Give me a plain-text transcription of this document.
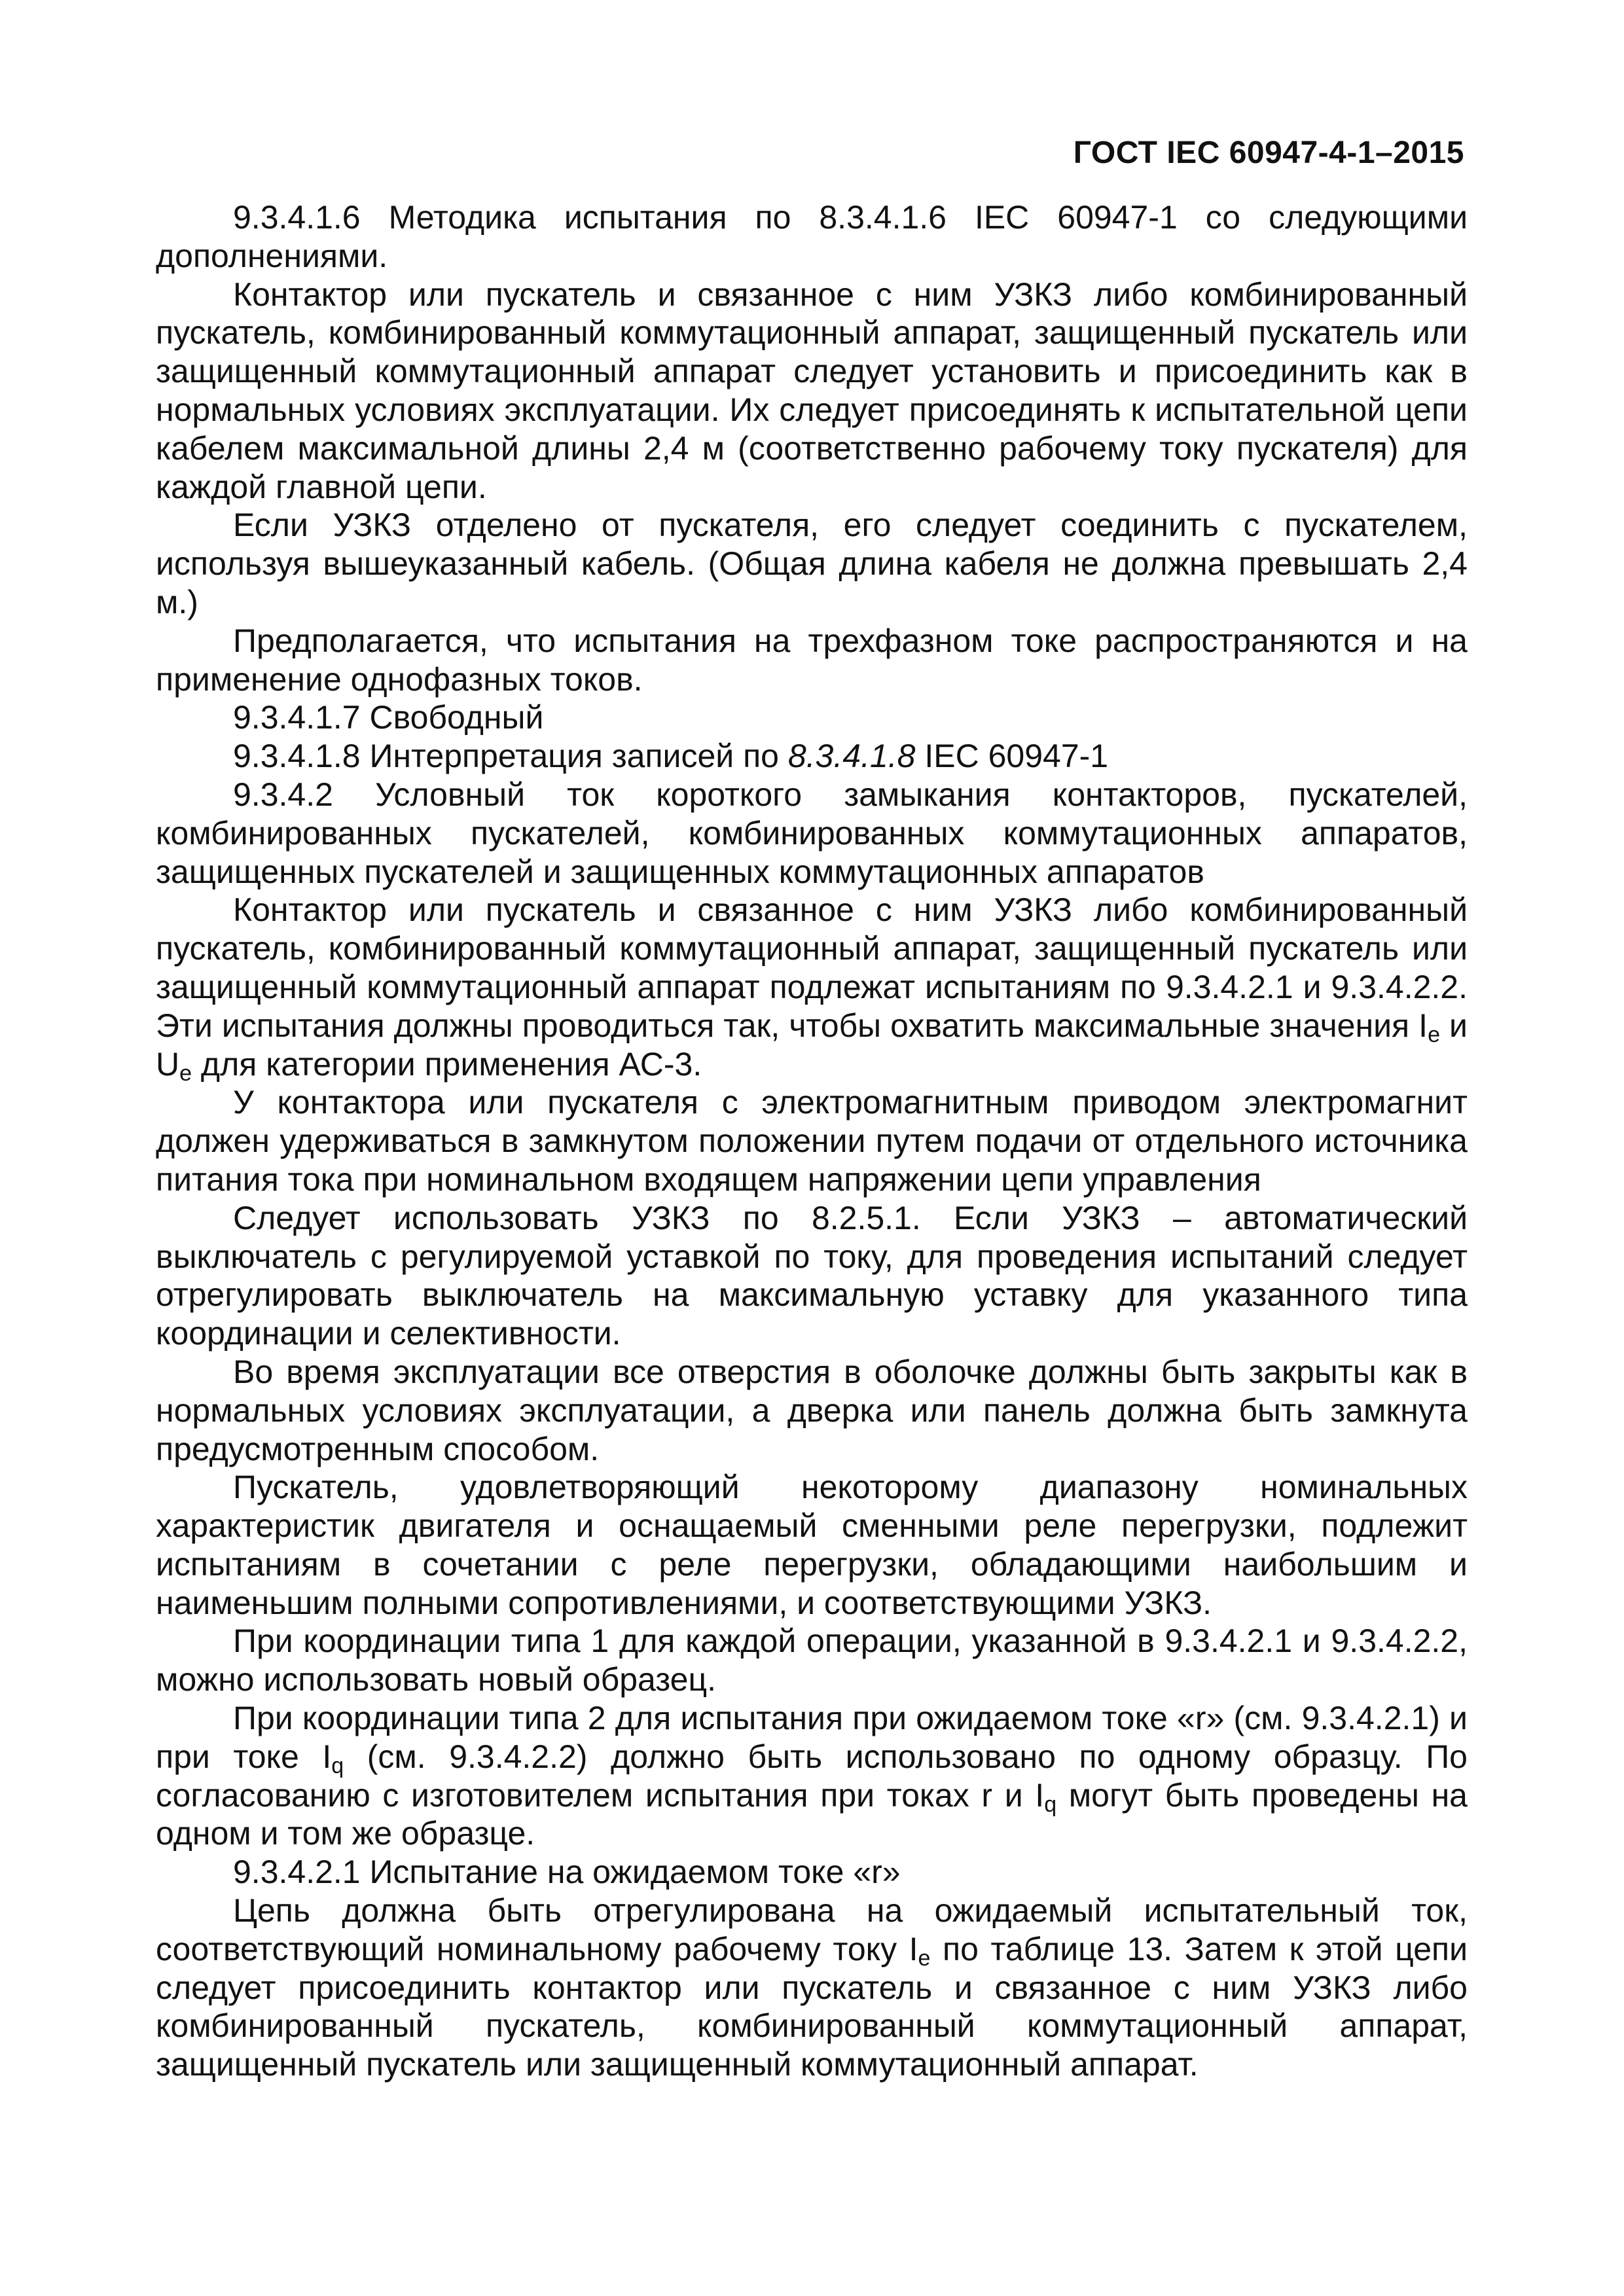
ГОСТ IEC 60947-4-1–2015

9.3.4.1.6 Методика испытания по 8.3.4.1.6 IEC 60947-1 со следующими дополнениями.

Контактор или пускатель и связанное с ним УЗКЗ либо комбинированный пускатель, комбинированный коммутационный аппарат, защищенный пускатель или защищенный коммутационный аппарат следует установить и присоединить как в нормальных условиях эксплуатации. Их следует присоединять к испытательной цепи кабелем максимальной длины 2,4 м (соответственно рабочему току пускателя) для каждой главной цепи.

Если УЗКЗ отделено от пускателя, его следует соединить с пускателем, используя вышеуказанный кабель. (Общая длина кабеля не должна превышать 2,4 м.)

Предполагается, что испытания на трехфазном токе распространяются и на применение однофазных токов.

9.3.4.1.7 Свободный

9.3.4.1.8 Интерпретация записей по 8.3.4.1.8 IEC 60947-1

9.3.4.2 Условный ток короткого замыкания контакторов, пускателей, комбинированных пускателей, комбинированных коммутационных аппаратов, защищенных пускателей и защищенных коммутационных аппаратов

Контактор или пускатель и связанное с ним УЗКЗ либо комбинированный пускатель, комбинированный коммутационный аппарат, защищенный пускатель или защищенный коммутационный аппарат подлежат испытаниям по 9.3.4.2.1 и 9.3.4.2.2. Эти испытания должны проводиться так, чтобы охватить максимальные значения $I_e$ и $U_e$ для категории применения АС-3.

У контактора или пускателя с электромагнитным приводом электромагнит должен удерживаться в замкнутом положении путем подачи от отдельного источника питания тока при номинальном входящем напряжении цепи управления

Следует использовать УЗКЗ по 8.2.5.1. Если УЗКЗ – автоматический выключатель с регулируемой уставкой по току, для проведения испытаний следует отрегулировать выключатель на максимальную уставку для указанного типа координации и селективности.

Во время эксплуатации все отверстия в оболочке должны быть закрыты как в нормальных условиях эксплуатации, а дверка или панель должна быть замкнута предусмотренным способом.

Пускатель, удовлетворяющий некоторому диапазону номинальных характеристик двигателя и оснащаемый сменными реле перегрузки, подлежит испытаниям в сочетании с реле перегрузки, обладающими наибольшим и наименьшим полными сопротивлениями, и соответствующими УЗКЗ.

При координации типа 1 для каждой операции, указанной в 9.3.4.2.1 и 9.3.4.2.2, можно использовать новый образец.

При координации типа 2 для испытания при ожидаемом токе «r» (см. 9.3.4.2.1) и при токе $I_q$ (см. 9.3.4.2.2) должно быть использовано по одному образцу. По согласованию с изготовителем испытания при токах r и $I_q$ могут быть проведены на одном и том же образце.

9.3.4.2.1 Испытание на ожидаемом токе «r»

Цепь должна быть отрегулирована на ожидаемый испытательный ток, соответствующий номинальному рабочему току $I_e$ по таблице 13. Затем к этой цепи следует присоединить контактор или пускатель и связанное с ним УЗКЗ либо комбинированный пускатель, комбинированный коммутационный аппарат, защищенный пускатель или защищенный коммутационный аппарат.
